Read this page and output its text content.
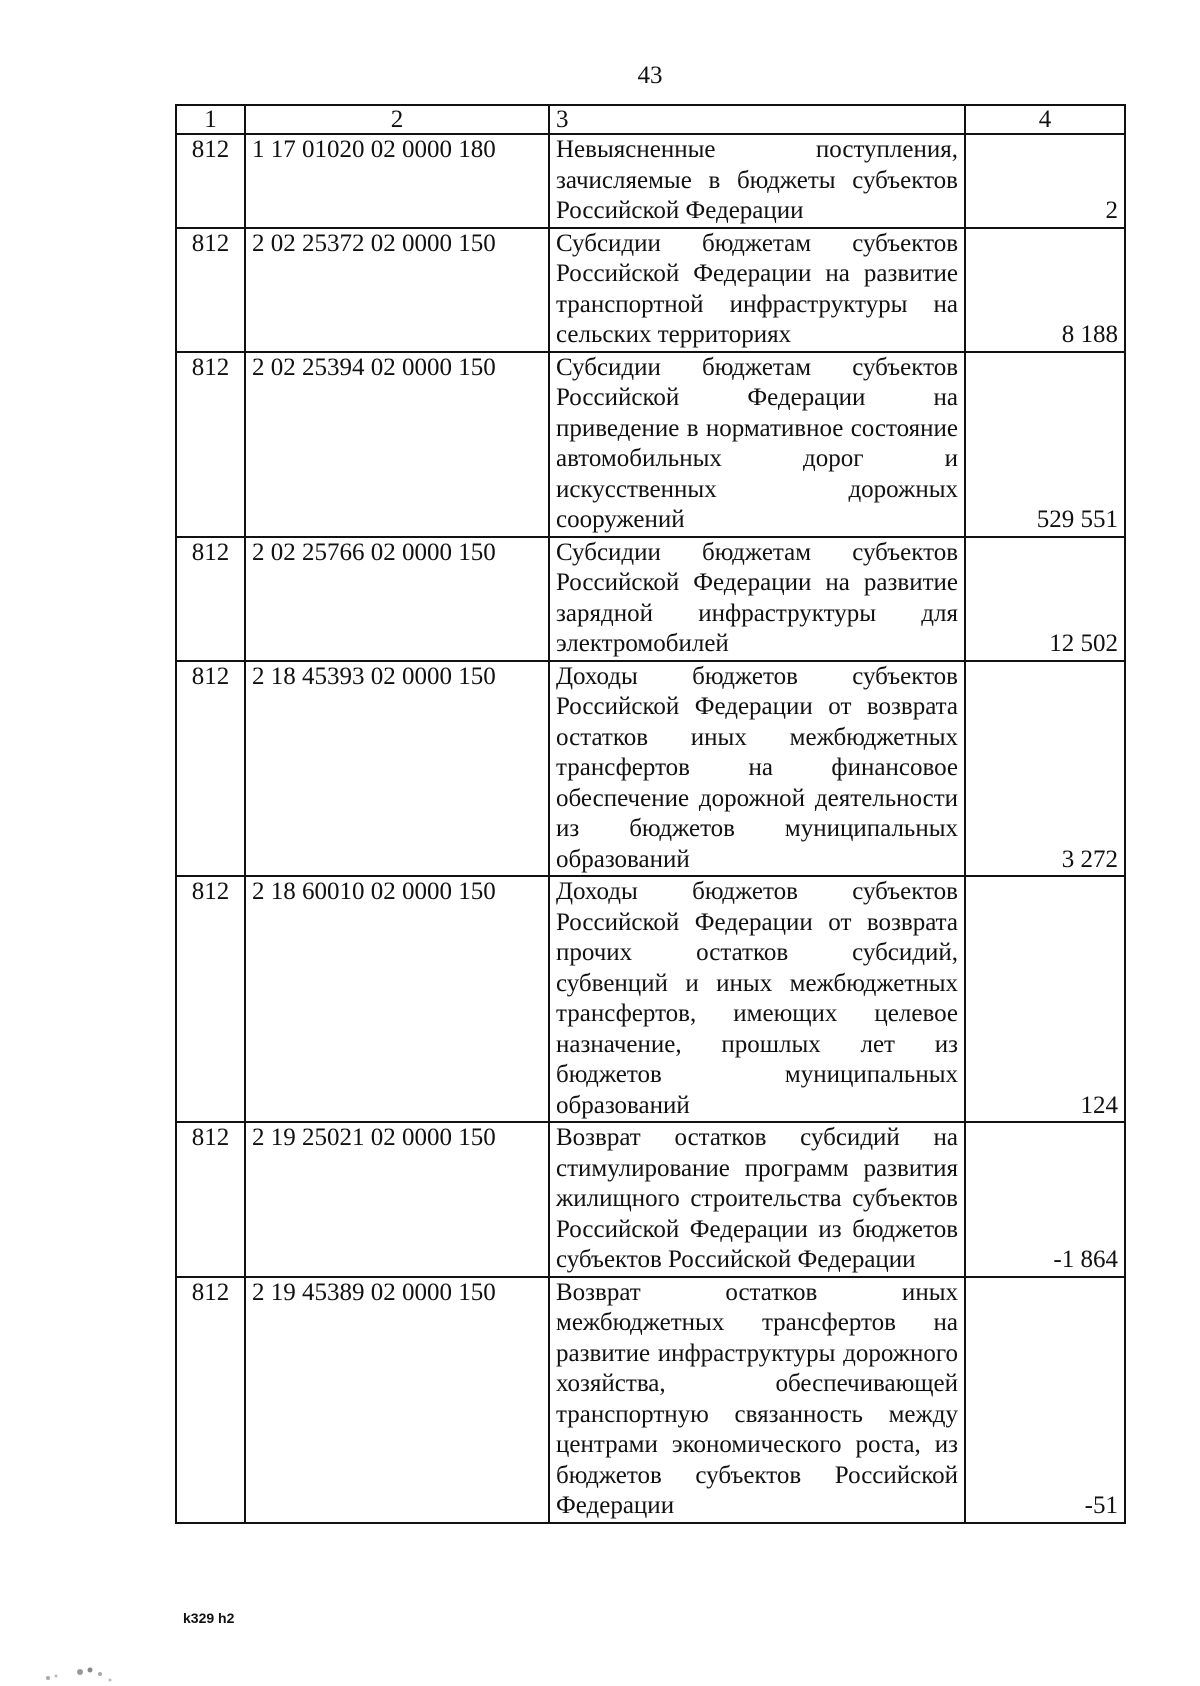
43
1	2	3	4
812	1 17 01020 02 0000 180	Невыясненные поступления, зачисляемые в бюджеты субъектов Российской Федерации	2
812	2 02 25372 02 0000 150	Субсидии бюджетам субъектов Российской Федерации на развитие транспортной инфраструктуры на сельских территориях	8 188
812	2 02 25394 02 0000 150	Субсидии бюджетам субъектов Российской Федерации на приведение в нормативное состояние автомобильных дорог и искусственных дорожных сооружений	529 551
812	2 02 25766 02 0000 150	Субсидии бюджетам субъектов Российской Федерации на развитие зарядной инфраструктуры для электромобилей	12 502
812	2 18 45393 02 0000 150	Доходы бюджетов субъектов Российской Федерации от возврата остатков иных межбюджетных трансфертов на финансовое обеспечение дорожной деятельности из бюджетов муниципальных образований	3 272
812	2 18 60010 02 0000 150	Доходы бюджетов субъектов Российской Федерации от возврата прочих остатков субсидий, субвенций и иных межбюджетных трансфертов, имеющих целевое назначение, прошлых лет из бюджетов муниципальных образований	124
812	2 19 25021 02 0000 150	Возврат остатков субсидий на стимулирование программ развития жилищного строительства субъектов Российской Федерации из бюджетов субъектов Российской Федерации	-1 864
812	2 19 45389 02 0000 150	Возврат остатков иных межбюджетных трансфертов на развитие инфраструктуры дорожного хозяйства, обеспечивающей транспортную связанность между центрами экономического роста, из бюджетов субъектов Российской Федерации	-51
k329 h2
